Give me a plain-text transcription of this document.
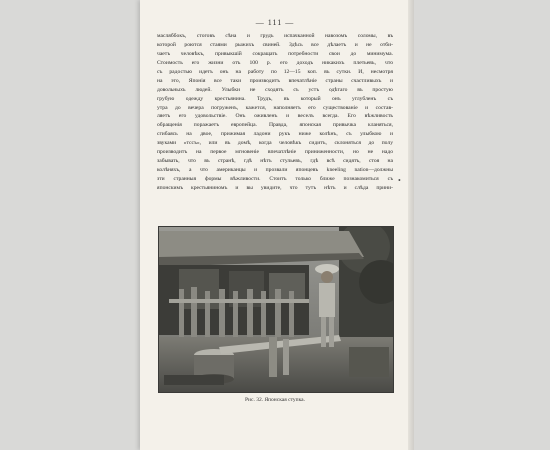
— 111 —
масляббокъ, стоговъ сѣна и грудъ испачканной навозомъ соломы, въ
которой роются стаями рыжихъ свиней. Здѣсь все дѣлаетъ и не отби-
чаетъ человѣкъ, привыкшій сокращать потребности свои до минимума.
Стоимость его жизни отъ 100 р. его доходъ никакихъ плетьевъ, что
съ радостью идетъ онъ на работу по 12—15 коп. въ сутки. И, несмотря
на это, Японія все таки производитъ впечатлѣніе страны счастливыхъ и
довольныхъ людей. Улыбки не сходятъ съ устъ одѣтаго въ простую
грубую одежду крестьянина. Трудъ, въ который онъ углубленъ съ
утра до вечера погруженъ, кажется, наполняетъ его существованіе и состав-
ляетъ его удовольствіе. Онъ оживленъ и веселъ всегда. Его вѣжливость
обращенія поражаетъ европейца. Правда, японская привычка кланяться,
сгибаясь на двое, прижимая ладони рукъ ниже колѣнъ, съ улыбкою и
звуками «тссъ», или въ домѣ, когда человѣкъ сидитъ, склоняться до полу
производитъ на первое мгновеніе впечатлѣніе приниженности, но не надо
забывать, что въ странѣ, гдѣ нѣтъ стульевъ, гдѣ всѣ сидятъ, стоя на
колѣняхъ, а что американцы и прозвали японцевъ kneeling nation—должны
зти странныя формы вѣжливости. Стоитъ только ближе познакомиться съ
японскимъ крестьяниномъ и вы увидите, что тутъ нѣтъ и слѣда прини-
Рис. 32. Японская ступка.
•
